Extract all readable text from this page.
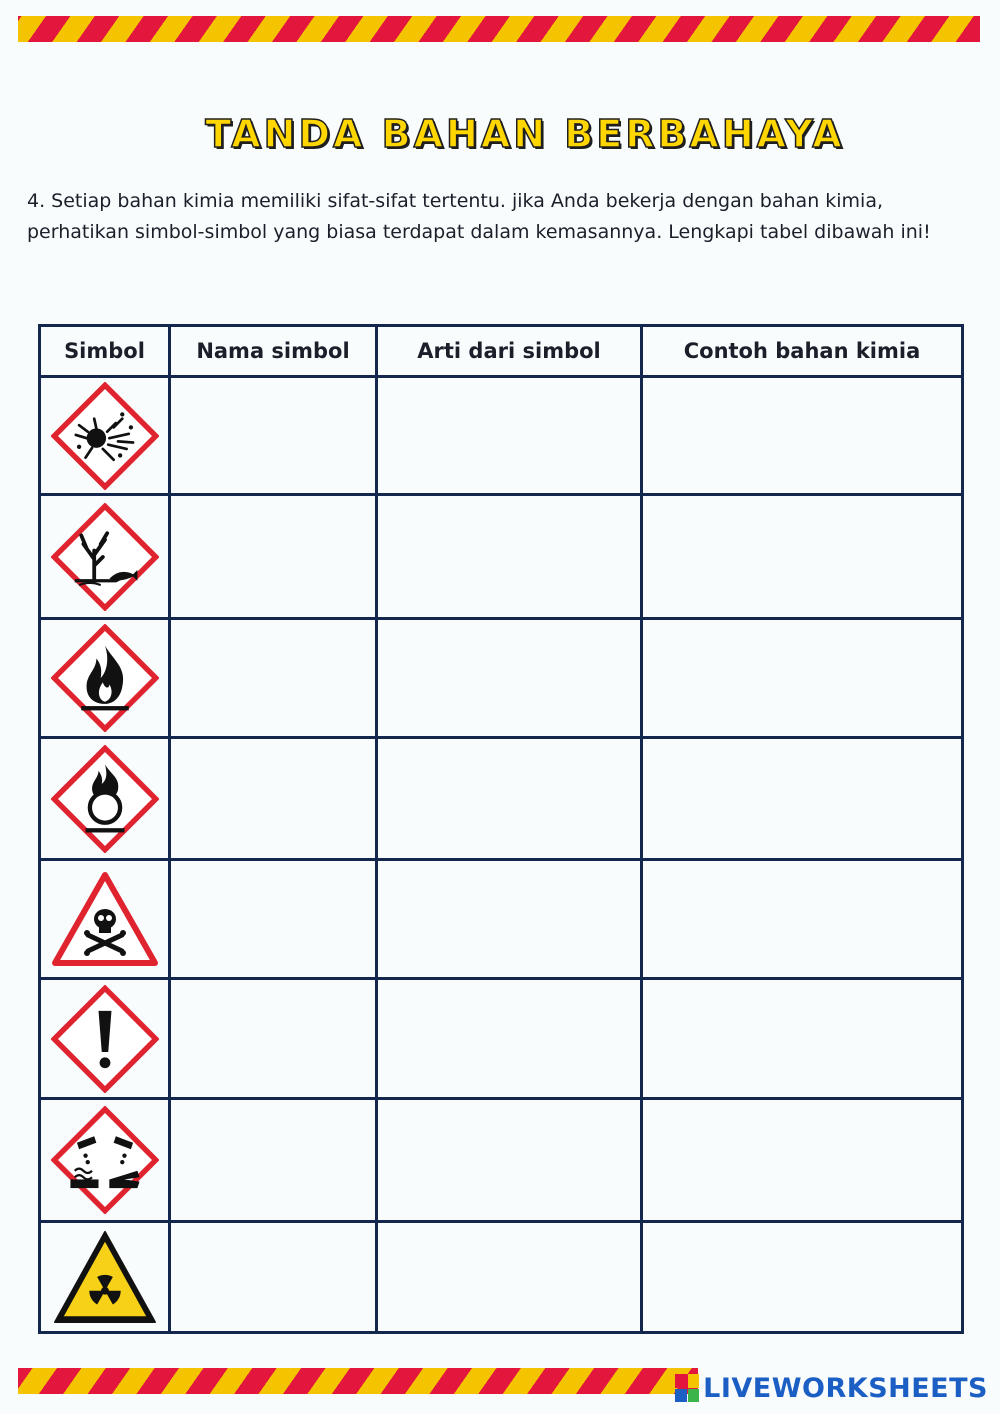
TANDA BAHAN BERBAHAYA

4. Setiap bahan kimia memiliki sifat-sifat tertentu. jika Anda bekerja dengan bahan kimia, perhatikan simbol-simbol yang biasa terdapat dalam kemasannya. Lengkapi tabel dibawah ini!

Simbol	Nama simbol	Arti dari simbol	Contoh bahan kimia

LIVEWORKSHEETS
